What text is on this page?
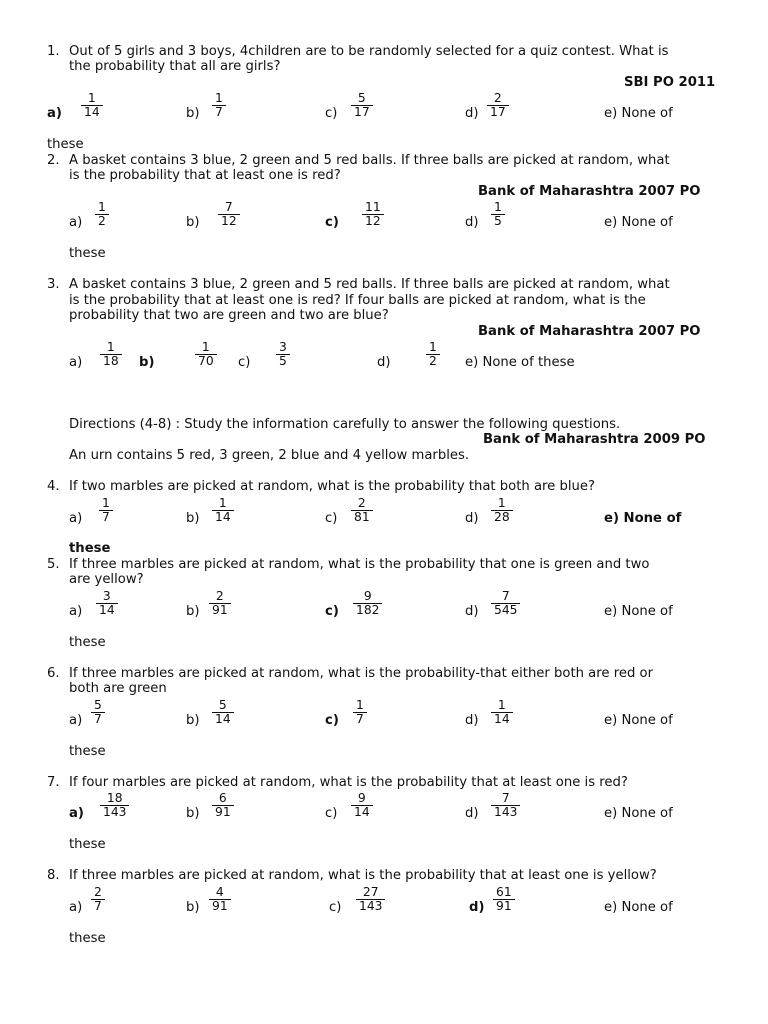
1. Out of 5 girls and 3 boys, 4children are to be randomly selected for a quiz contest. What is
the probability that all are girls?
SBI PO 2011
$a) \frac{1}{14}$	$b) \frac{1}{7}$	$c) \frac{5}{17}$	$d) \frac{2}{17}$	e) None of
these
2. A basket contains 3 blue, 2 green and 5 red balls. If three balls are picked at random, what
is the probability that at least one is red?
Bank of Maharashtra 2007 PO
$a) \frac{1}{2}$	$b) \frac{7}{12}$	$c) \frac{11}{12}$	$d) \frac{1}{5}$	e) None of
these
3. A basket contains 3 blue, 2 green and 5 red balls. If three balls are picked at random, what
is the probability that at least one is red? If four balls are picked at random, what is the
probability that two are green and two are blue?
Bank of Maharashtra 2007 PO
$a) \frac{1}{18} b$)	$\frac{1}{70} c) \frac{3}{5}$	d)	$\frac{1}{2} e$) None of these
Directions (4-8) : Study the information carefully to answer the following questions.
Bank of Maharashtra 2009 PO
An urn contains 5 red, 3 green, 2 blue and 4 yellow marbles.
4. If two marbles are picked at random, what is the probability that both are blue?
$a) \frac{1}{7}$	$b) \frac{1}{14}$	$c) \frac{2}{81}$	$d) \frac{1}{28}$	e) None of
these
5. If three marbles are picked at random, what is the probability that one is green and two
are yellow?
$a) \frac{3}{14}$	$b) \frac{2}{91}$	$c) \frac{9}{182}$	$d) \frac{7}{545}$	e) None of
these
6. If three marbles are picked at random, what is the probability-that either both are red or
both are green
$a) \frac{5}{7}$	$b) \frac{5}{14}$	$c) \frac{1}{7}$	$d) \frac{1}{14}$	e) None of
these
7. If four marbles are picked at random, what is the probability that at least one is red?
$a) \frac{18}{143}$	$b) \frac{6}{91}$	$c) \frac{9}{14}$	$d) \frac{7}{143}$	e) None of
these
8. If three marbles are picked at random, what is the probability that at least one is yellow?
$a) \frac{2}{7}$	$b) \frac{4}{91}$	$c) \frac{27}{143}$	$d) \frac{61}{91}$	e) None of
these
